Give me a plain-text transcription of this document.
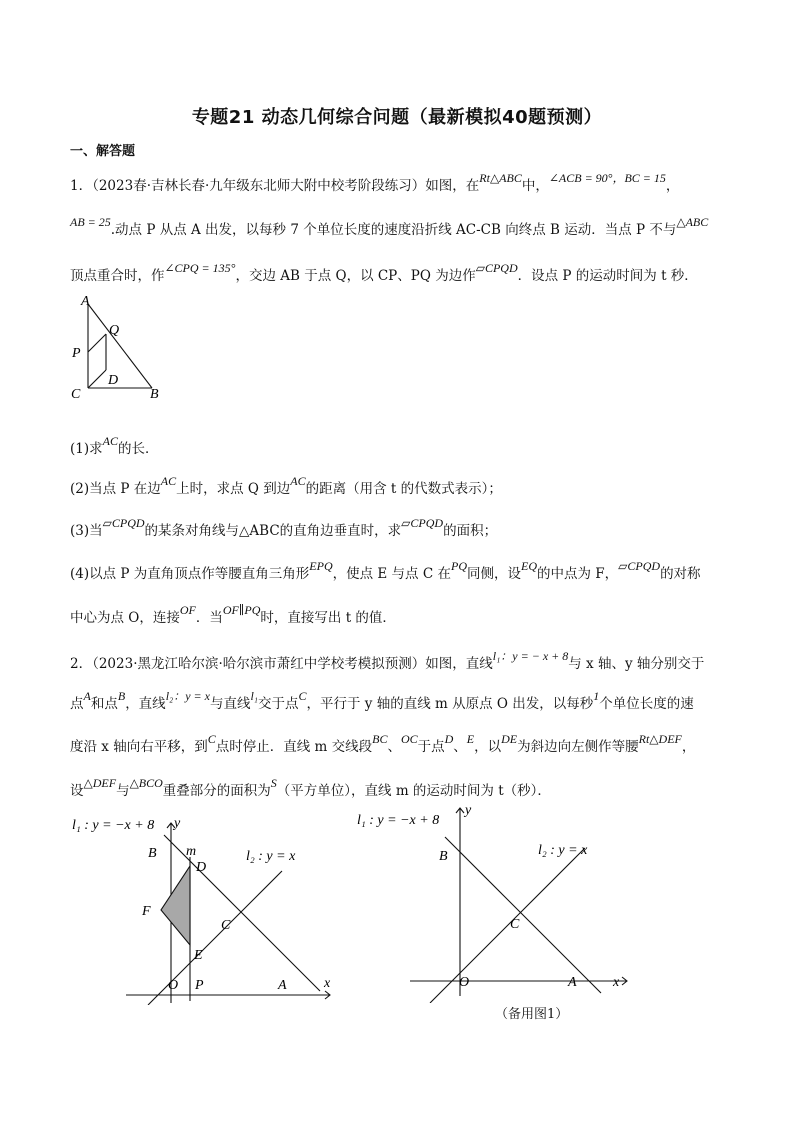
专题21 动态几何综合问题（最新模拟40题预测）
一、解答题
1．（2023春·吉林长春·九年级东北师大附中校考阶段练习）如图，在Rt△ABC中，∠ACB = 90°，BC = 15，
AB = 25.动点 P 从点 A 出发，以每秒 7 个单位长度的速度沿折线 AC-CB 向终点 B 运动．当点 P 不与△ABC
顶点重合时，作∠CPQ = 135°，交边 AB 于点 Q，以 CP、PQ 为边作▱CPQD．设点 P 的运动时间为 t 秒．
A
Q
P
D
C	B
(1)求AC的长．
(2)当点 P 在边AC上时，求点 Q 到边AC的距离（用含 t 的代数式表示）；
(3)当▱CPQD的某条对角线与△ABC的直角边垂直时，求▱CPQD的面积；
(4)以点 P 为直角顶点作等腰直角三角形EPQ，使点 E 与点 C 在PQ同侧，设EQ的中点为 F，▱CPQD的对称
中心为点 O，连接OF．当OF∥PQ时，直接写出 t 的值．
2．（2023·黑龙江哈尔滨·哈尔滨市萧红中学校考模拟预测）如图，直线l₁：y = − x + 8与 x 轴、y 轴分别交于
点A和点B，直线l₂：y = x与直线l₁交于点C，平行于 y 轴的直线 m 从原点 O 出发，以每秒1个单位长度的速
度沿 x 轴向右平移，到C点时停止．直线 m 交线段BC、OC于点D、E，以DE为斜边向左侧作等腰Rt△DEF，
设△DEF与△BCO重叠部分的面积为S（平方单位），直线 m 的运动时间为 t（秒）．
l₁ : y = −x + 8 y
m	l₂ : y = x
B
D
F
C
E
O P	A	x
l₁ : y = −x + 8
y
l₂ : y = x
B
C
O	A	x
（备用图1）
